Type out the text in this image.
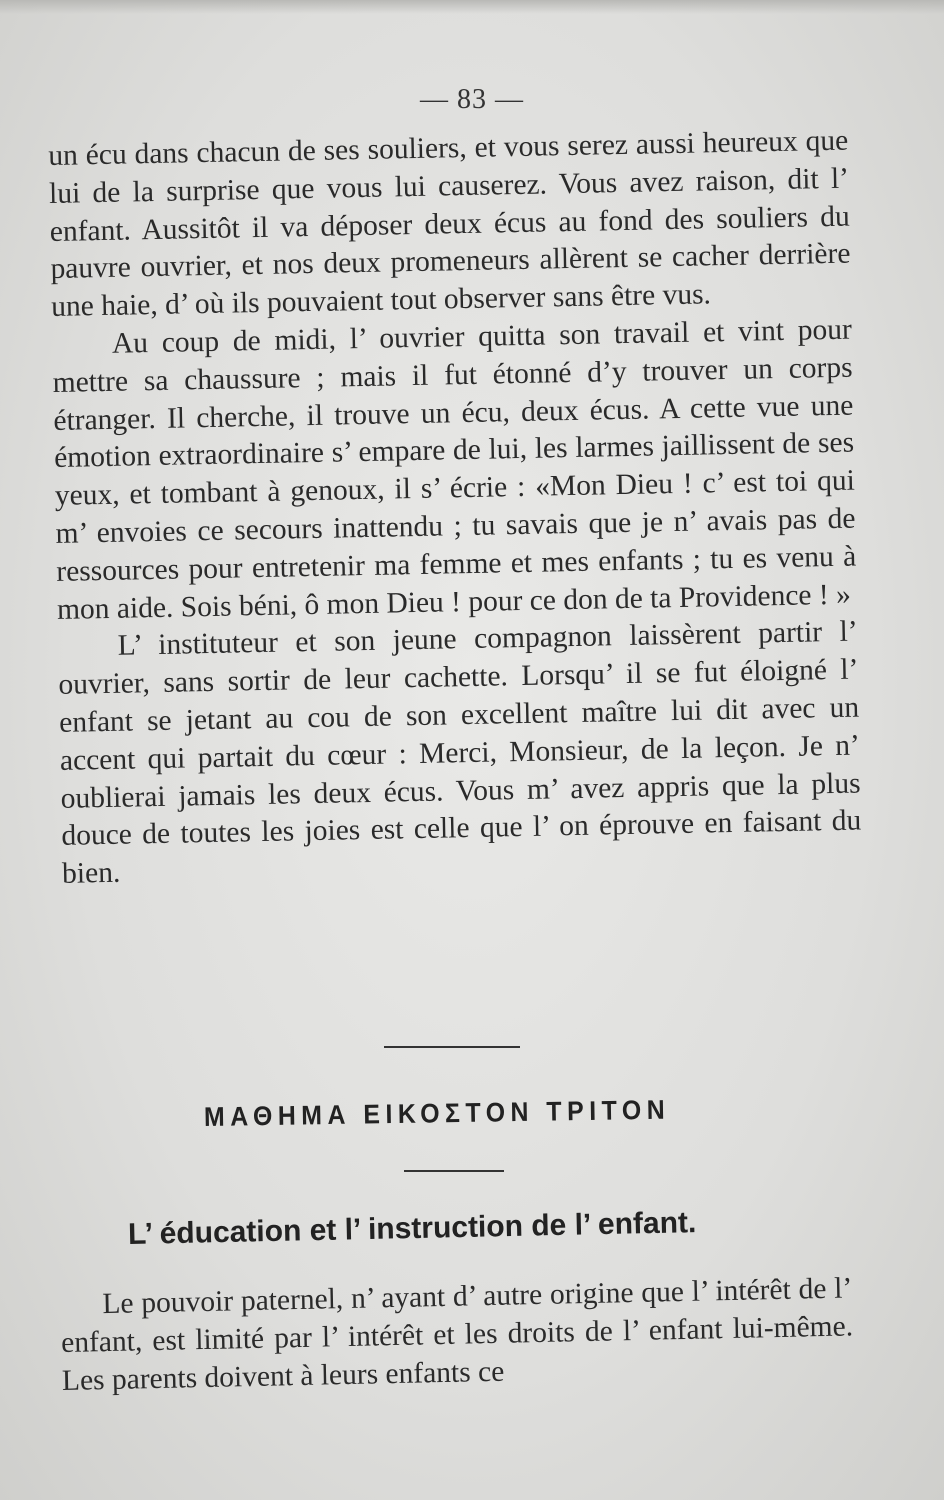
— 83 —

un écu dans chacun de ses souliers, et vous serez aussi heureux que lui de la surprise que vous lui causerez. Vous avez raison, dit l’ enfant. Aussitôt il va déposer deux écus au fond des souliers du pauvre ouvrier, et nos deux promeneurs allèrent se cacher derrière une haie, d’ où ils pouvaient tout observer sans être vus.

Au coup de midi, l’ ouvrier quitta son travail et vint pour mettre sa chaussure ; mais il fut étonné d’y trouver un corps étranger. Il cherche, il trouve un écu, deux écus. A cette vue une émotion extraordinaire s’ empare de lui, les larmes jaillissent de ses yeux, et tombant à genoux, il s’ écrie : «Mon Dieu ! c’ est toi qui m’ envoies ce secours inattendu ; tu savais que je n’ avais pas de ressources pour entretenir ma femme et mes enfants ; tu es venu à mon aide. Sois béni, ô mon Dieu ! pour ce don de ta Providence ! »

L’ instituteur et son jeune compagnon laissèrent partir l’ ouvrier, sans sortir de leur cachette. Lorsqu’ il se fut éloigné l’ enfant se jetant au cou de son excellent maître lui dit avec un accent qui partait du cœur : Merci, Monsieur, de la leçon. Je n’ oublierai jamais les deux écus. Vous m’ avez appris que la plus douce de toutes les joies est celle que l’ on éprouve en faisant du bien.

ΜΑΘΗΜΑ ΕΙΚΟΣΤΟΝ ΤΡΙΤΟΝ
L’ éducation et l’ instruction de l’ enfant.

Le pouvoir paternel, n’ ayant d’ autre origine que l’ intérêt de l’ enfant, est limité par l’ intérêt et les droits de l’ enfant lui-même. Les parents doivent à leurs enfants ce
